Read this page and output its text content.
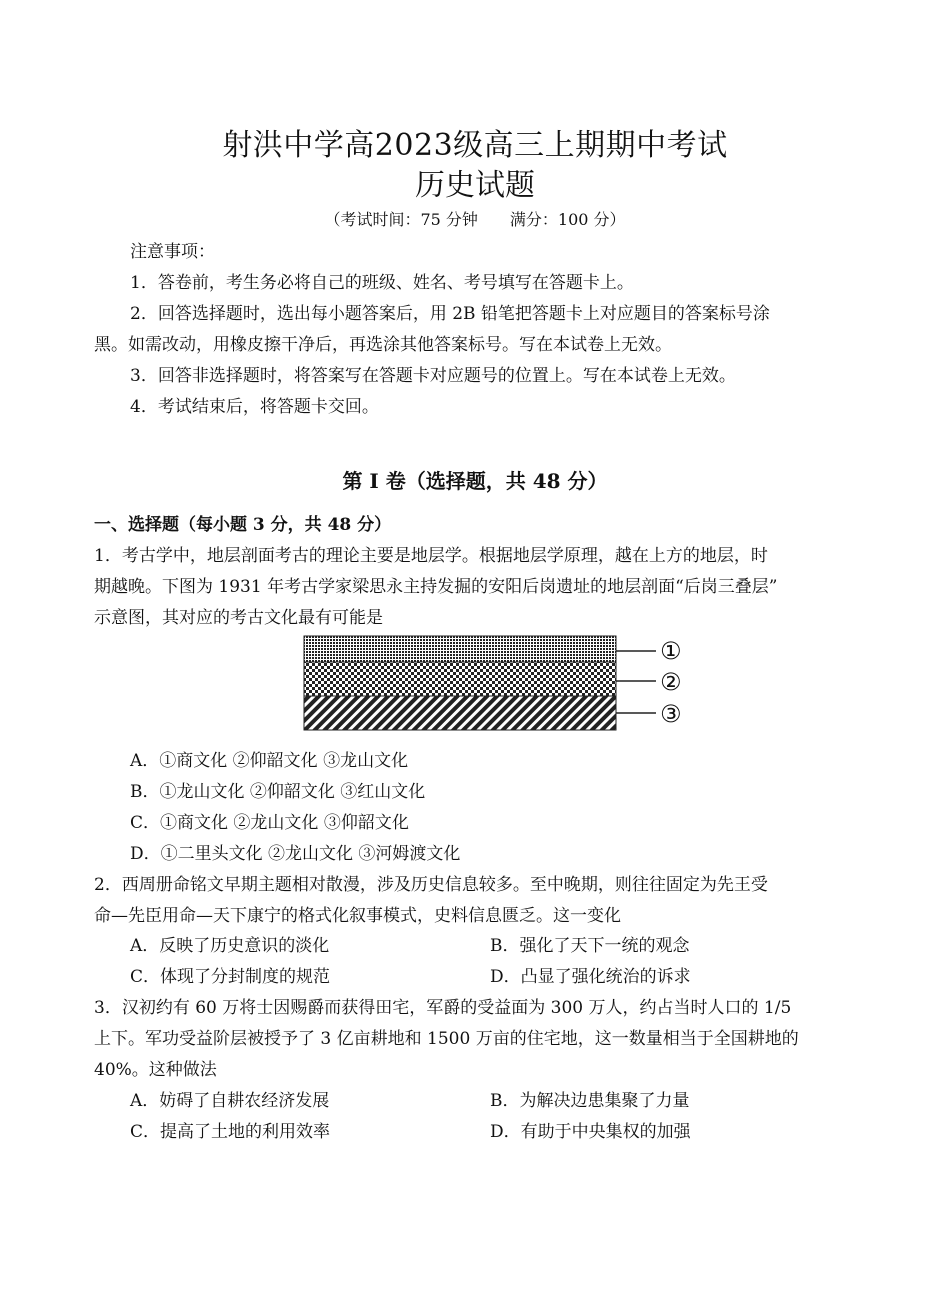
射洪中学高2023级高三上期期中考试
历史试题
（考试时间：75 分钟　　满分：100 分）
注意事项：
1．答卷前，考生务必将自己的班级、姓名、考号填写在答题卡上。
2．回答选择题时，选出每小题答案后，用 2B 铅笔把答题卡上对应题目的答案标号涂
黑。如需改动，用橡皮擦干净后，再选涂其他答案标号。写在本试卷上无效。
3．回答非选择题时，将答案写在答题卡对应题号的位置上。写在本试卷上无效。
4．考试结束后，将答题卡交回。
第 I 卷（选择题，共 48 分）
一、选择题（每小题 3 分，共 48 分）
1．考古学中，地层剖面考古的理论主要是地层学。根据地层学原理，越在上方的地层，时
期越晚。下图为 1931 年考古学家梁思永主持发掘的安阳后岗遗址的地层剖面“后岗三叠层”
示意图，其对应的考古文化最有可能是
①
②
③
A．①商文化 ②仰韶文化 ③龙山文化
B．①龙山文化 ②仰韶文化 ③红山文化
C．①商文化 ②龙山文化 ③仰韶文化
D．①二里头文化 ②龙山文化 ③河姆渡文化
2．西周册命铭文早期主题相对散漫，涉及历史信息较多。至中晚期，则往往固定为先王受
命—先臣用命—天下康宁的格式化叙事模式，史料信息匮乏。这一变化
A．反映了历史意识的淡化	B．强化了天下一统的观念
C．体现了分封制度的规范	D．凸显了强化统治的诉求
3．汉初约有 60 万将士因赐爵而获得田宅，军爵的受益面为 300 万人，约占当时人口的 1/5
上下。军功受益阶层被授予了 3 亿亩耕地和 1500 万亩的住宅地，这一数量相当于全国耕地的
40%。这种做法
A．妨碍了自耕农经济发展	B．为解决边患集聚了力量
C．提高了土地的利用效率	D．有助于中央集权的加强
